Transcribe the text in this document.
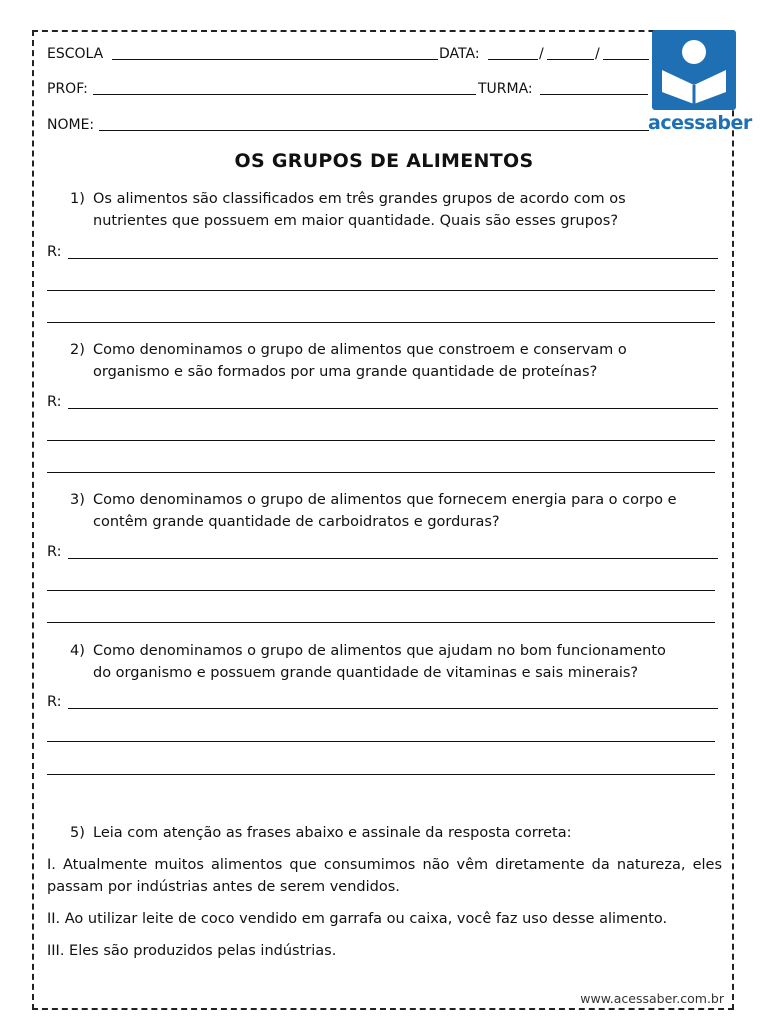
ESCOLA	DATA:	/	/
PROF:	TURMA:
NOME:	acessaber
OS GRUPOS DE ALIMENTOS
1) Os alimentos são classificados em três grandes grupos de acordo com os
nutrientes que possuem em maior quantidade. Quais são esses grupos?
R:
2) Como denominamos o grupo de alimentos que constroem e conservam o
organismo e são formados por uma grande quantidade de proteínas?
R:
3) Como denominamos o grupo de alimentos que fornecem energia para o corpo e
contêm grande quantidade de carboidratos e gorduras?
R:
4) Como denominamos o grupo de alimentos que ajudam no bom funcionamento
do organismo e possuem grande quantidade de vitaminas e sais minerais?
R:
5) Leia com atenção as frases abaixo e assinale da resposta correta:
I. Atualmente muitos alimentos que consumimos não vêm diretamente da natureza, eles passam por indústrias antes de serem vendidos.
II. Ao utilizar leite de coco vendido em garrafa ou caixa, você faz uso desse alimento.
III. Eles são produzidos pelas indústrias.
www.acessaber.com.br
